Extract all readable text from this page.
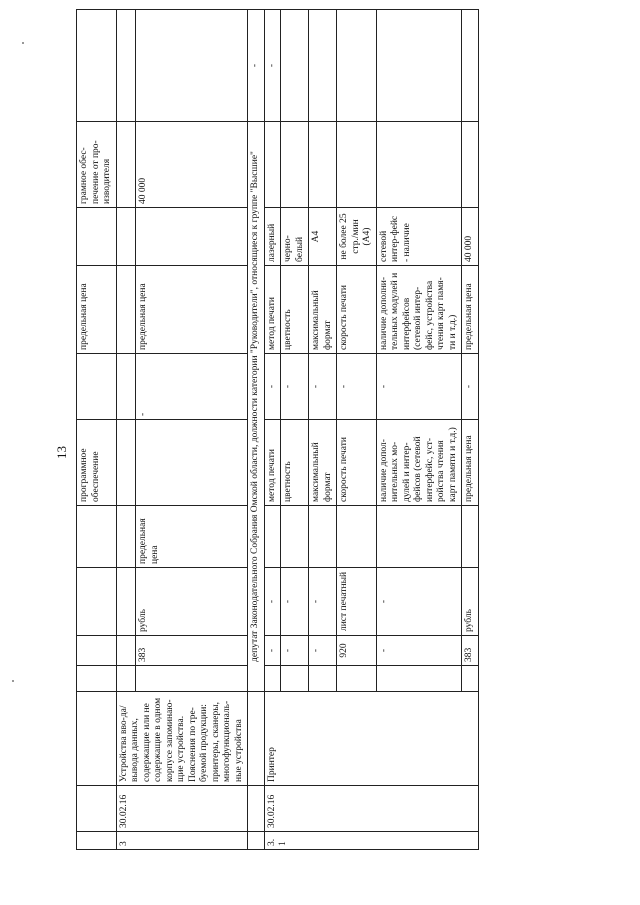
13
							программное обеспечение		предельная цена		грамное обес-печение от про-изводителя		
3	30.02.16	Устройства вво-да/вывода данных, содержащие или не содержащие в одном корпусе запоминаю-щие устройства. Пояснения по тре-буемой продукции: принтеры, сканеры, многофункциональ-ные устройства											
				383	рубль	предельная цена		-	предельная цена		40 000		
			депутат Законодательного Собрания Омской области, должности категории "Руководители", относящиеся к группе "Высшие"									-	
3.1	30.02.16	Принтер		-	-		метод печати	-	метод печати	лазерный		-	
				-	-		цветность	-	цветность	черно-белый			
				-	-		максимальный формат	-	максимальный формат	А4			
				920	лист печатный		скорость печати	-	скорость печати	не более 25 стр./мин (А4)			
				-	-		наличие допол-нительных мо-дулей и интер-фейсов (сетевой интерфейс, уст-ройства чтения карт памяти и т.д.)	-	наличие дополни-тельных модулей и интерфейсов (сетевой интер-фейс, устройства чтения карт памя-ти и т.д.)	сетевой интер-фейс - наличие			
				383	рубль		предельная цена	-	предельная цена	40 000			
